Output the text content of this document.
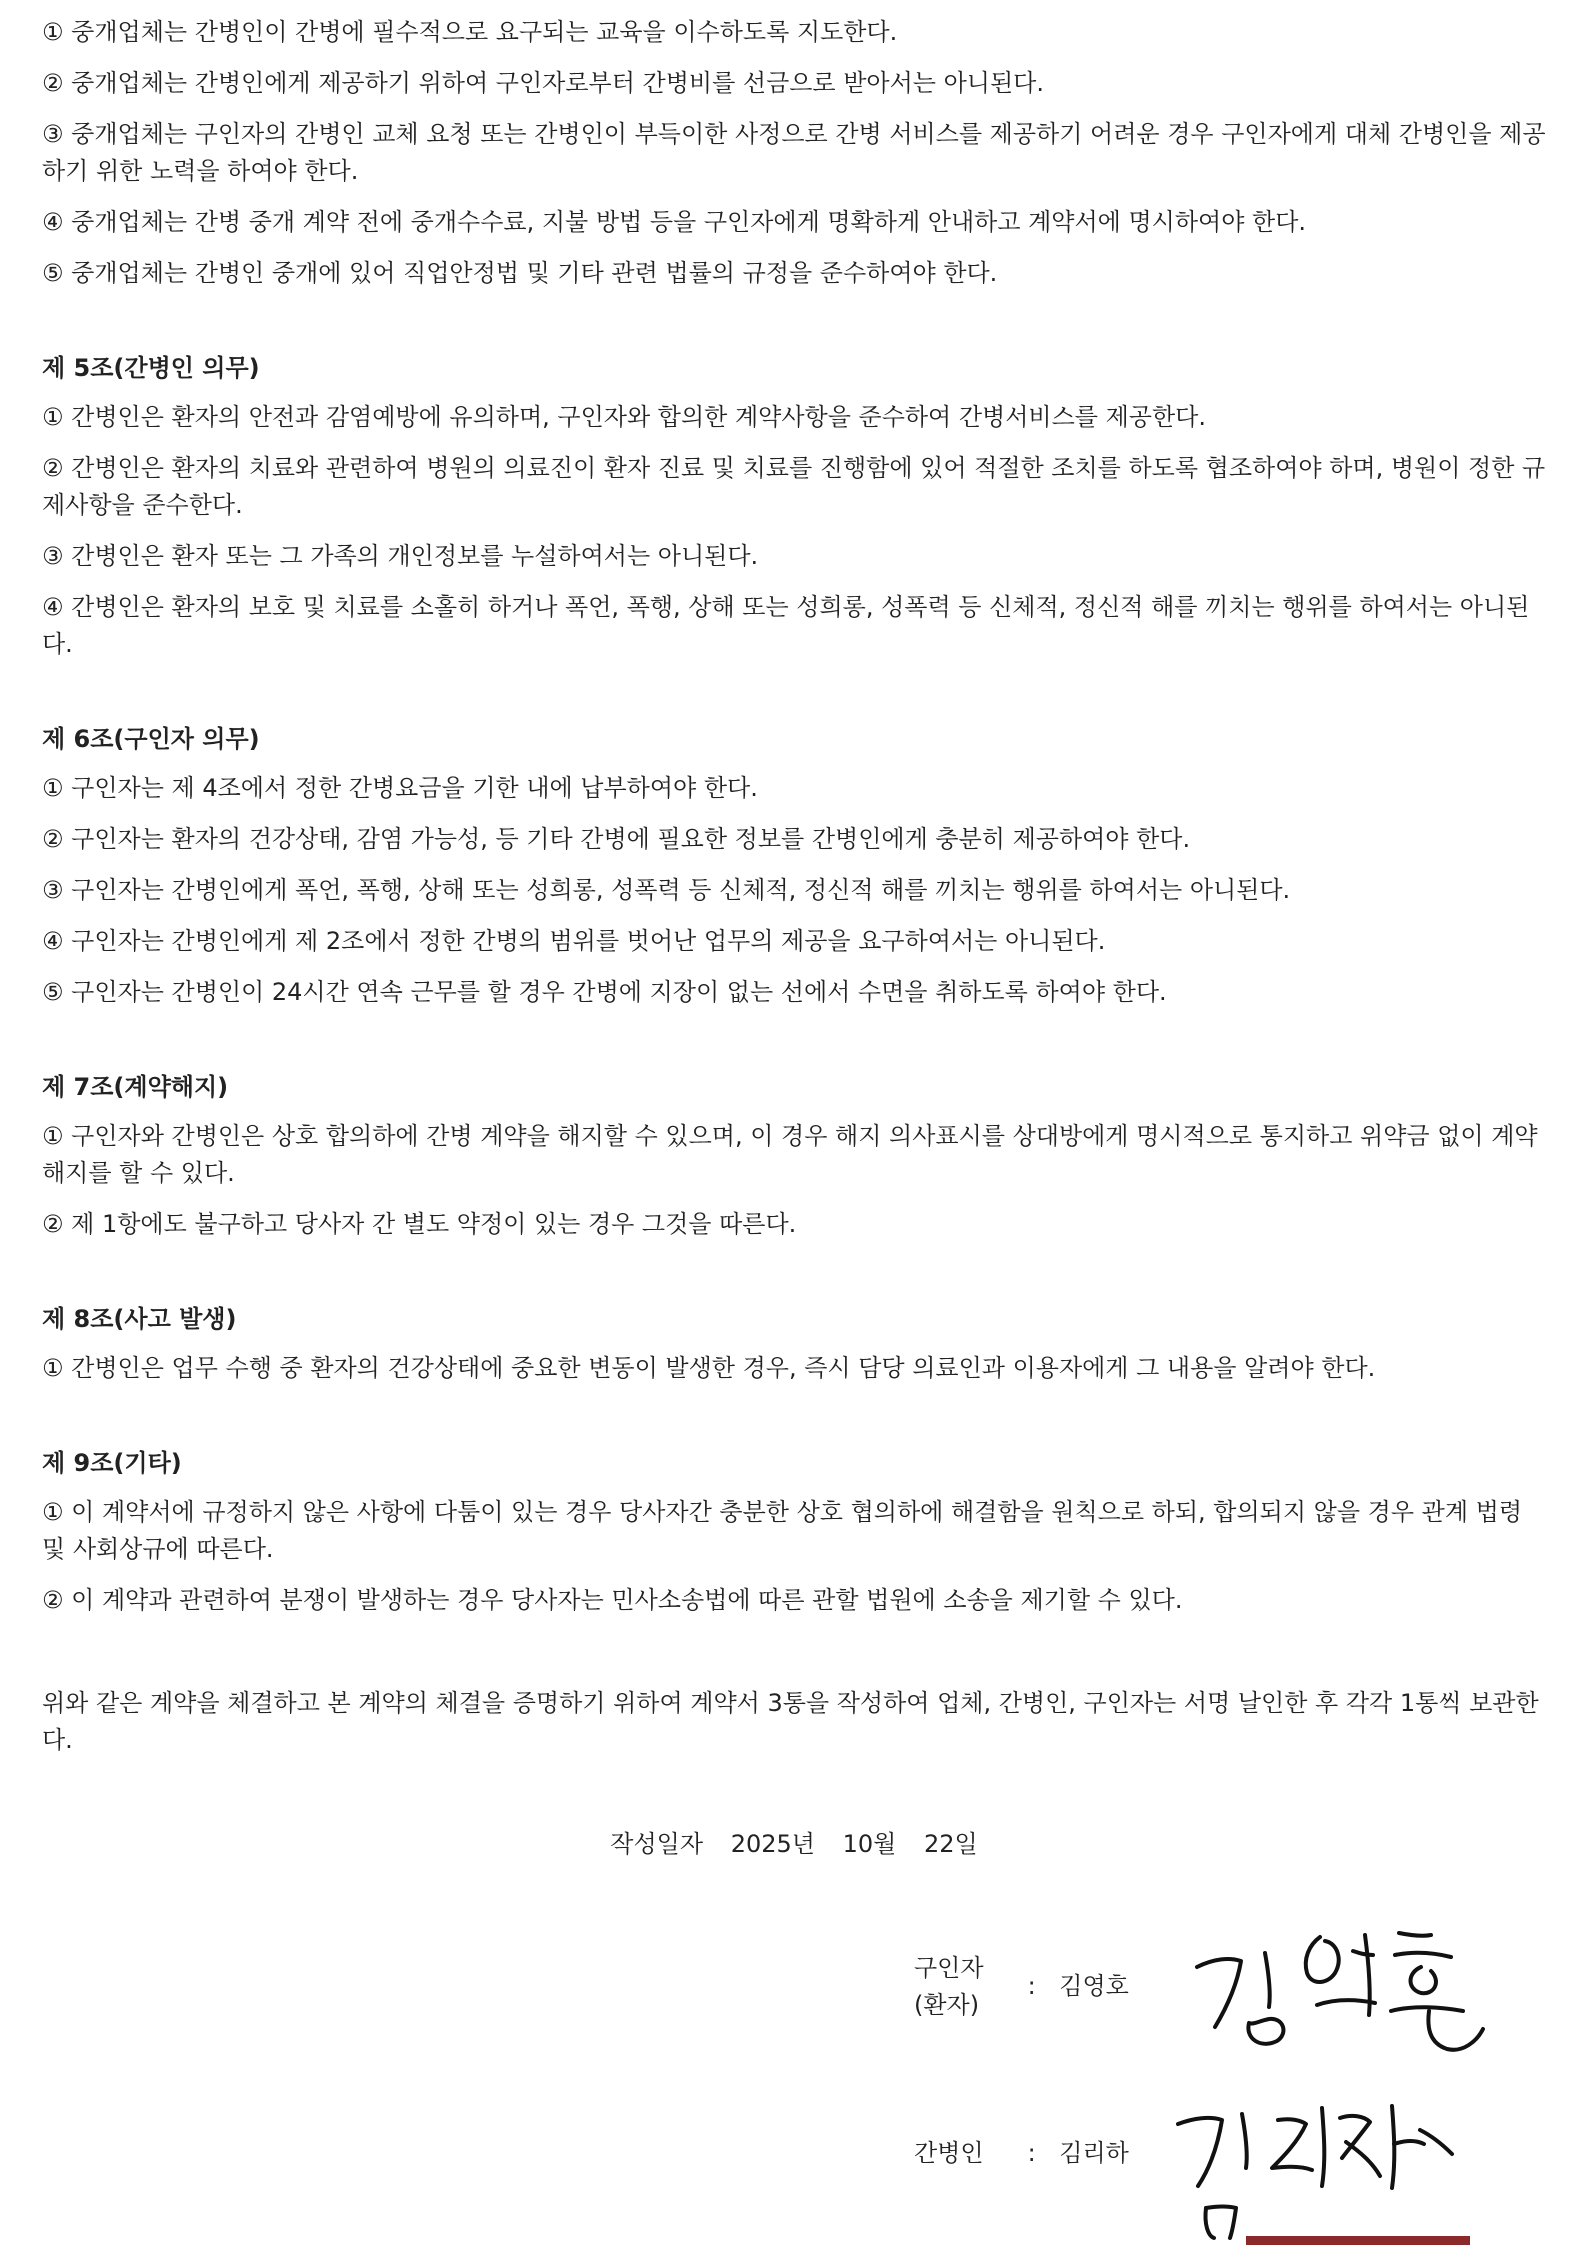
① 중개업체는 간병인이 간병에 필수적으로 요구되는 교육을 이수하도록 지도한다.

② 중개업체는 간병인에게 제공하기 위하여 구인자로부터 간병비를 선금으로 받아서는 아니된다.

③ 중개업체는 구인자의 간병인 교체 요청 또는 간병인이 부득이한 사정으로 간병 서비스를 제공하기 어려운 경우 구인자에게 대체 간병인을 제공하기 위한 노력을 하여야 한다.

④ 중개업체는 간병 중개 계약 전에 중개수수료, 지불 방법 등을 구인자에게 명확하게 안내하고 계약서에 명시하여야 한다.

⑤ 중개업체는 간병인 중개에 있어 직업안정법 및 기타 관련 법률의 규정을 준수하여야 한다.

제 5조(간병인 의무)

① 간병인은 환자의 안전과 감염예방에 유의하며, 구인자와 합의한 계약사항을 준수하여 간병서비스를 제공한다.

② 간병인은 환자의 치료와 관련하여 병원의 의료진이 환자 진료 및 치료를 진행함에 있어 적절한 조치를 하도록 협조하여야 하며, 병원이 정한 규제사항을 준수한다.

③ 간병인은 환자 또는 그 가족의 개인정보를 누설하여서는 아니된다.

④ 간병인은 환자의 보호 및 치료를 소홀히 하거나 폭언, 폭행, 상해 또는 성희롱, 성폭력 등 신체적, 정신적 해를 끼치는 행위를 하여서는 아니된다.

제 6조(구인자 의무)

① 구인자는 제 4조에서 정한 간병요금을 기한 내에 납부하여야 한다.

② 구인자는 환자의 건강상태, 감염 가능성, 등 기타 간병에 필요한 정보를 간병인에게 충분히 제공하여야 한다.

③ 구인자는 간병인에게 폭언, 폭행, 상해 또는 성희롱, 성폭력 등 신체적, 정신적 해를 끼치는 행위를 하여서는 아니된다.

④ 구인자는 간병인에게 제 2조에서 정한 간병의 범위를 벗어난 업무의 제공을 요구하여서는 아니된다.

⑤ 구인자는 간병인이 24시간 연속 근무를 할 경우 간병에 지장이 없는 선에서 수면을 취하도록 하여야 한다.

제 7조(계약해지)

① 구인자와 간병인은 상호 합의하에 간병 계약을 해지할 수 있으며, 이 경우 해지 의사표시를 상대방에게 명시적으로 통지하고 위약금 없이 계약해지를 할 수 있다.

② 제 1항에도 불구하고 당사자 간 별도 약정이 있는 경우 그것을 따른다.

제 8조(사고 발생)

① 간병인은 업무 수행 중 환자의 건강상태에 중요한 변동이 발생한 경우, 즉시 담당 의료인과 이용자에게 그 내용을 알려야 한다.

제 9조(기타)

① 이 계약서에 규정하지 않은 사항에 다툼이 있는 경우 당사자간 충분한 상호 협의하에 해결함을 원칙으로 하되, 합의되지 않을 경우 관계 법령 및 사회상규에 따른다.

② 이 계약과 관련하여 분쟁이 발생하는 경우 당사자는 민사소송법에 따른 관할 법원에 소송을 제기할 수 있다.

위와 같은 계약을 체결하고 본 계약의 체결을 증명하기 위하여 계약서 3통을 작성하여 업체, 간병인, 구인자는 서명 날인한 후 각각 1통씩 보관한다.

작성일자 2025년 10월 22일
구인자
(환자) : 김영호
간병인 : 김리하
